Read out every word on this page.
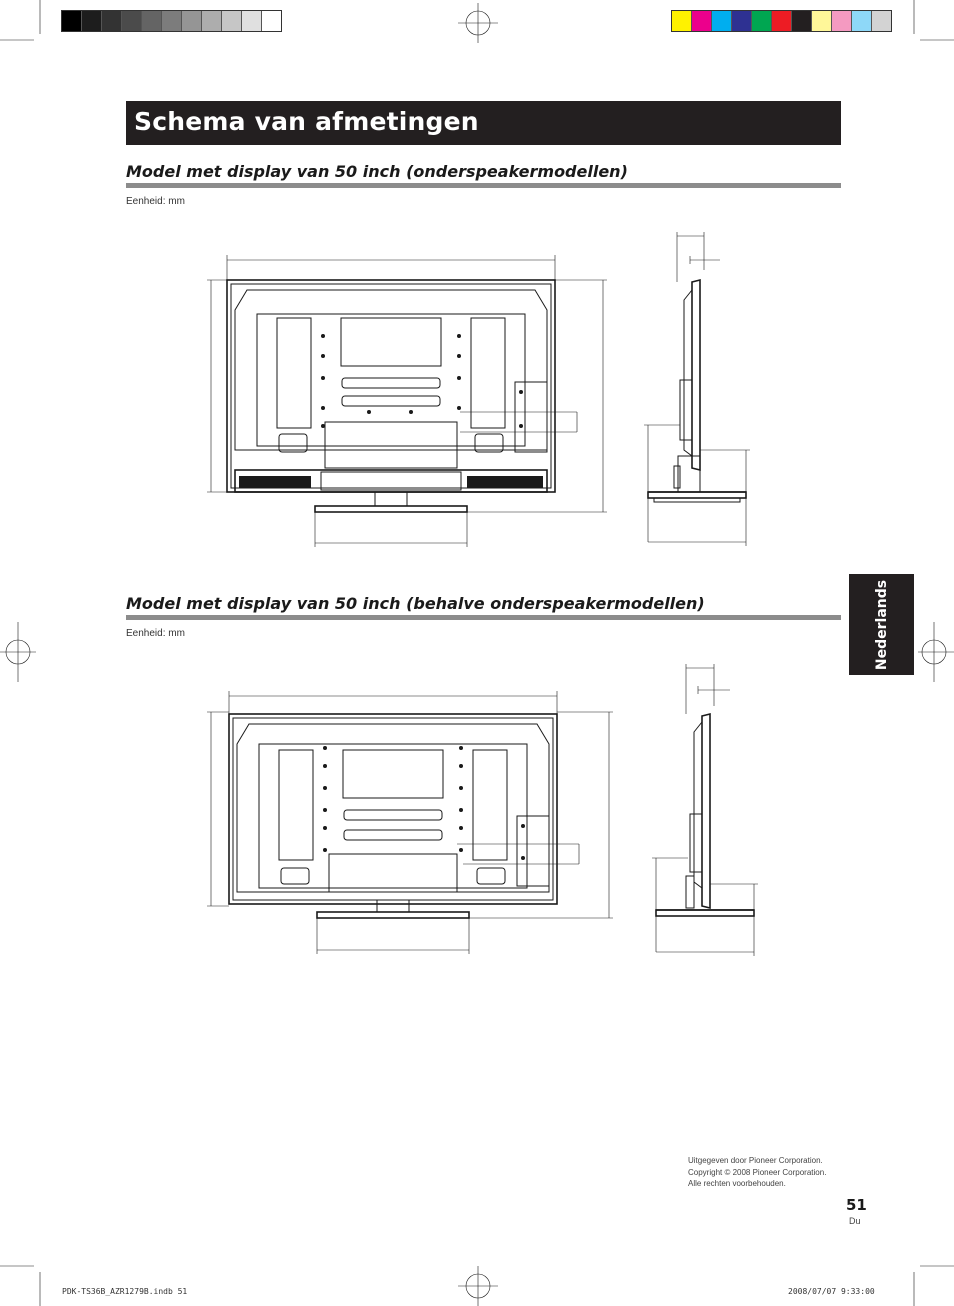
Schema van afmetingen
Model met display van 50 inch (onderspeakermodellen)
Eenheid: mm
Model met display van 50 inch (behalve onderspeakermodellen)
Eenheid: mm	Nederlands
Uitgegeven door Pioneer Corporation.
Copyright © 2008 Pioneer Corporation.
Alle rechten voorbehouden.
51
Du
PDK-TS36B_AZR1279B.indb 51	2008/07/07 9:33:00
